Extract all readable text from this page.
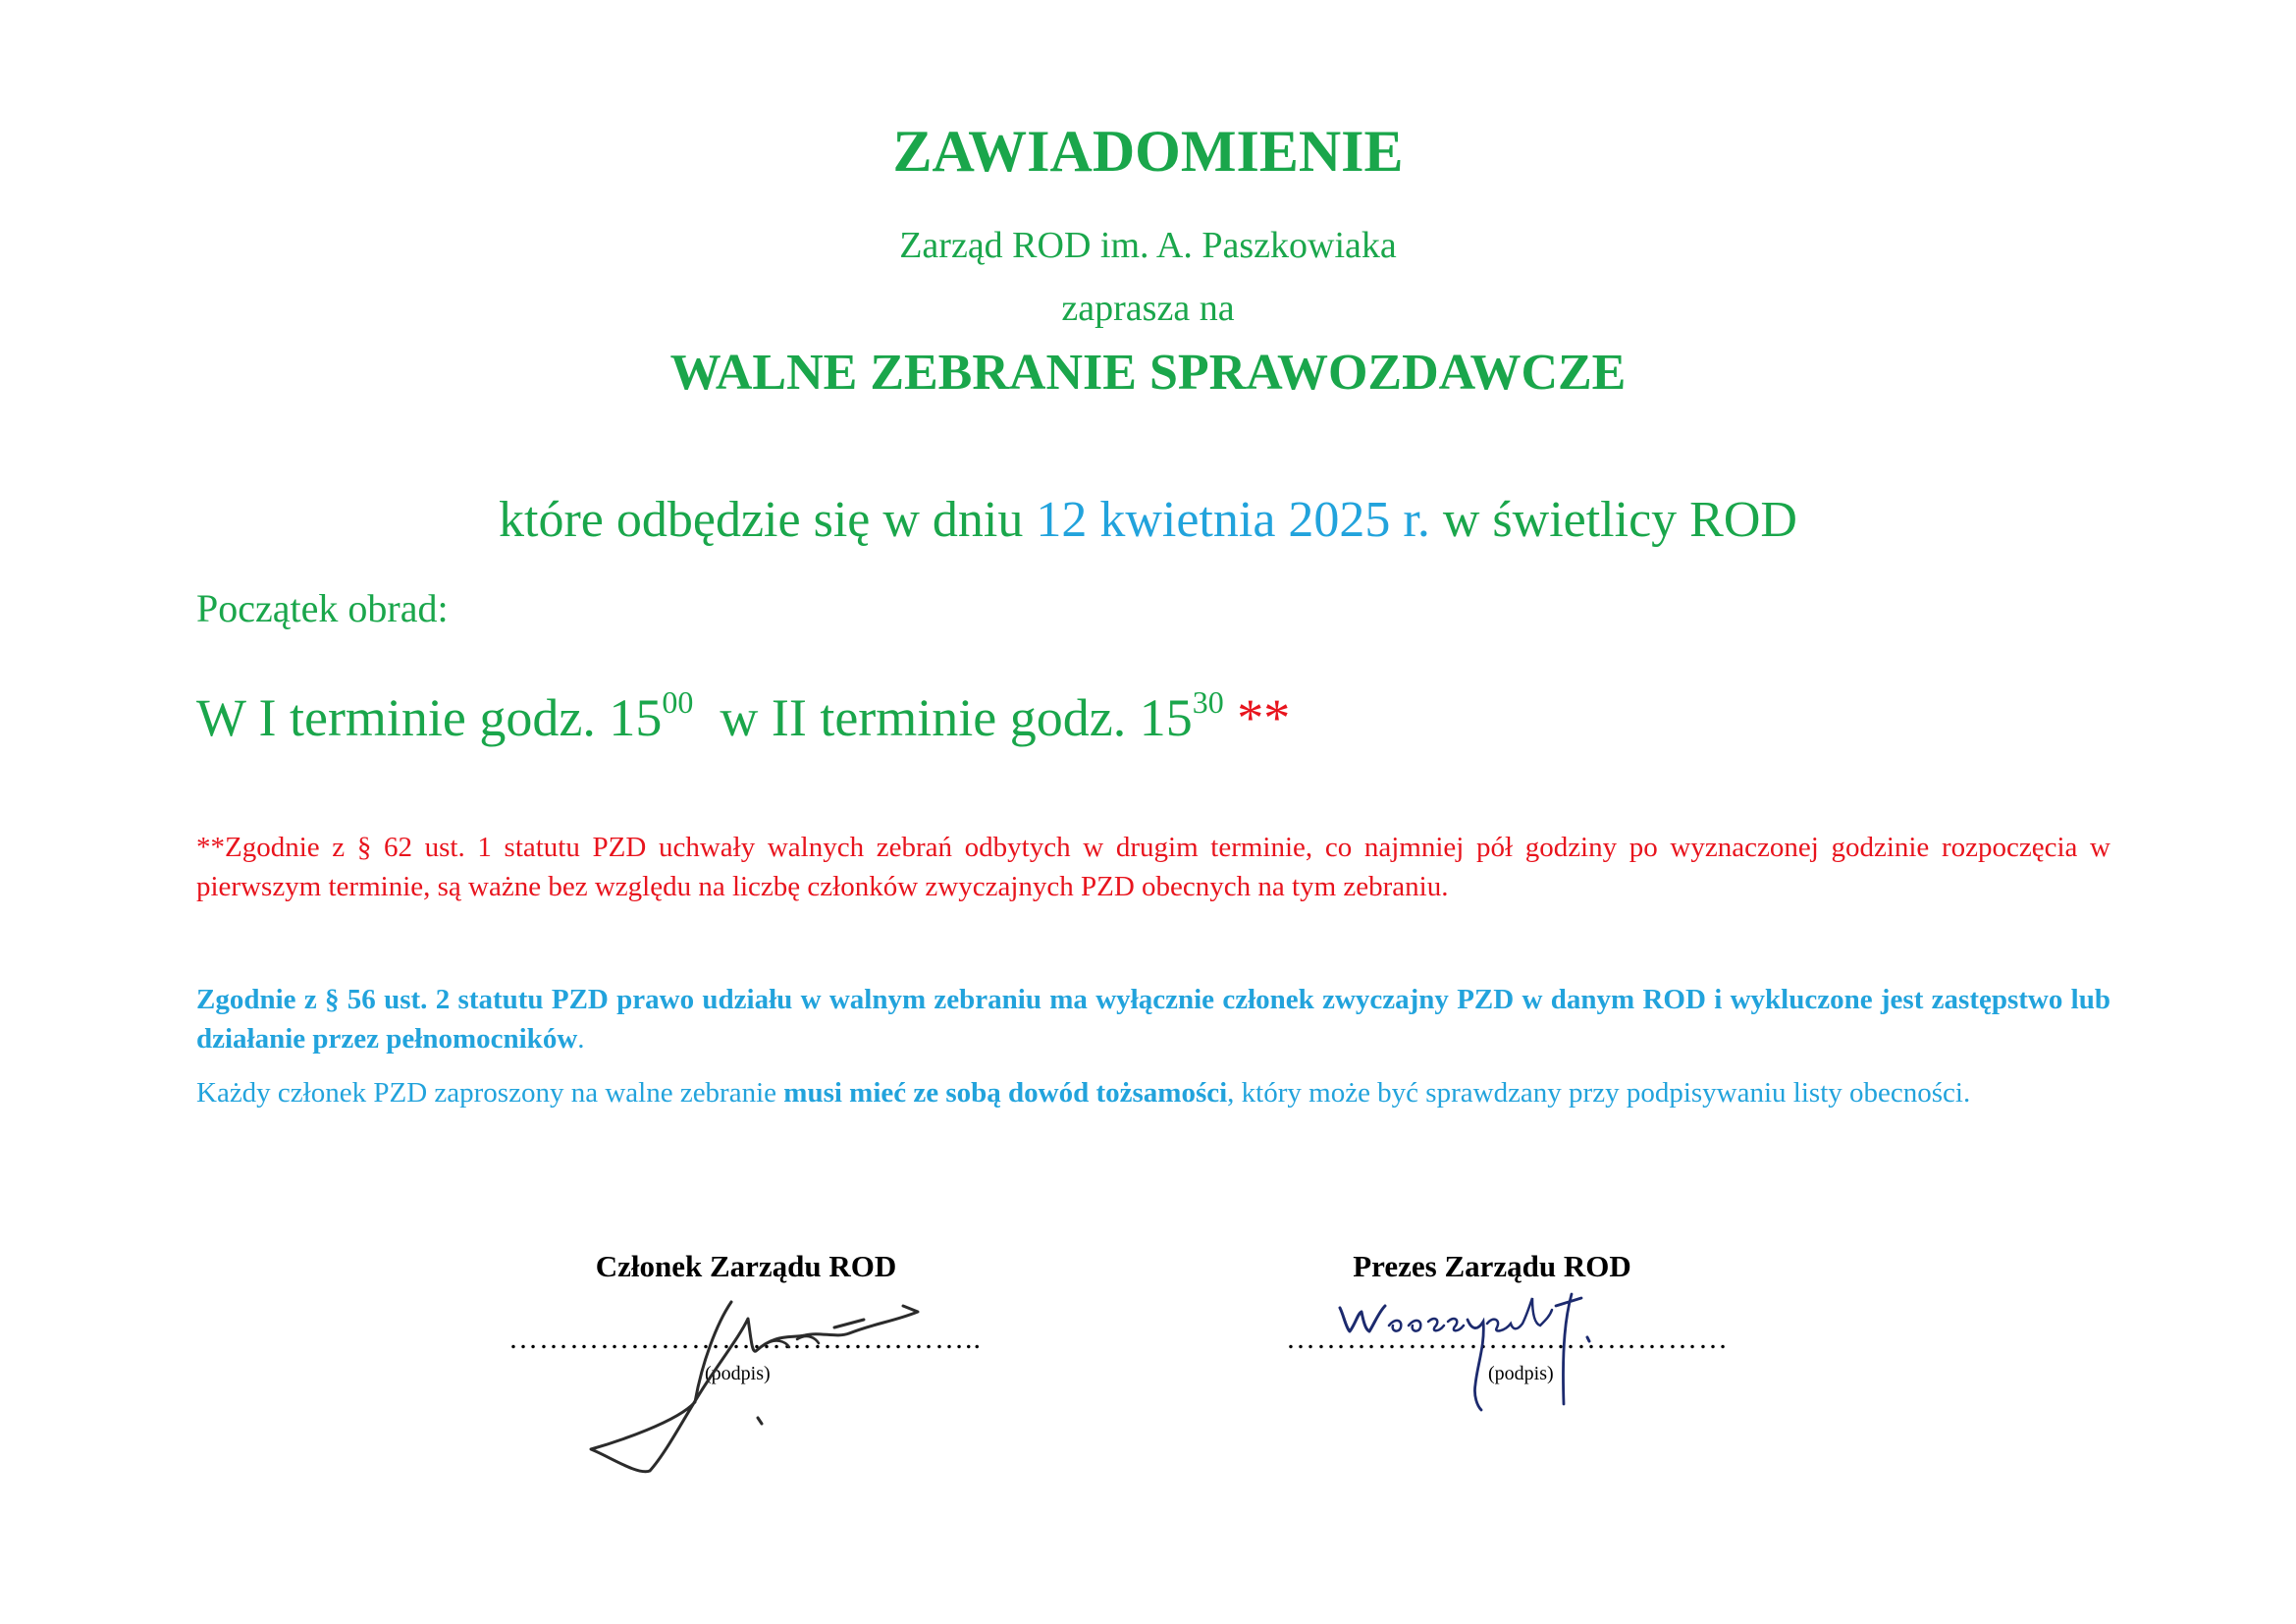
ZAWIADOMIENIE
Zarząd ROD im. A. Paszkowiaka
zaprasza na
WALNE ZEBRANIE SPRAWOZDAWCZE
które odbędzie się w dniu 12 kwietnia 2025 r. w świetlicy ROD
Początek obrad:
W I terminie godz. $15^{00}$ w II terminie godz. $15^{30}$ **
**Zgodnie z § 62 ust. 1 statutu PZD uchwały walnych zebrań odbytych w drugim terminie, co najmniej pół godziny po wyznaczonej godzinie rozpoczęcia w pierwszym terminie, są ważne bez względu na liczbę członków zwyczajnych PZD obecnych na tym zebraniu.
Zgodnie z § 56 ust. 2 statutu PZD prawo udziału w walnym zebraniu ma wyłącznie członek zwyczajny PZD w danym ROD i wykluczone jest zastępstwo lub działanie przez pełnomocników.
Każdy członek PZD zaproszony na walne zebranie musi mieć ze sobą dowód tożsamości, który może być sprawdzany przy podpisywaniu listy obecności.
Członek Zarządu ROD
………………………………………..
(podpis)
Prezes Zarządu ROD
……………………..………………
(podpis)
